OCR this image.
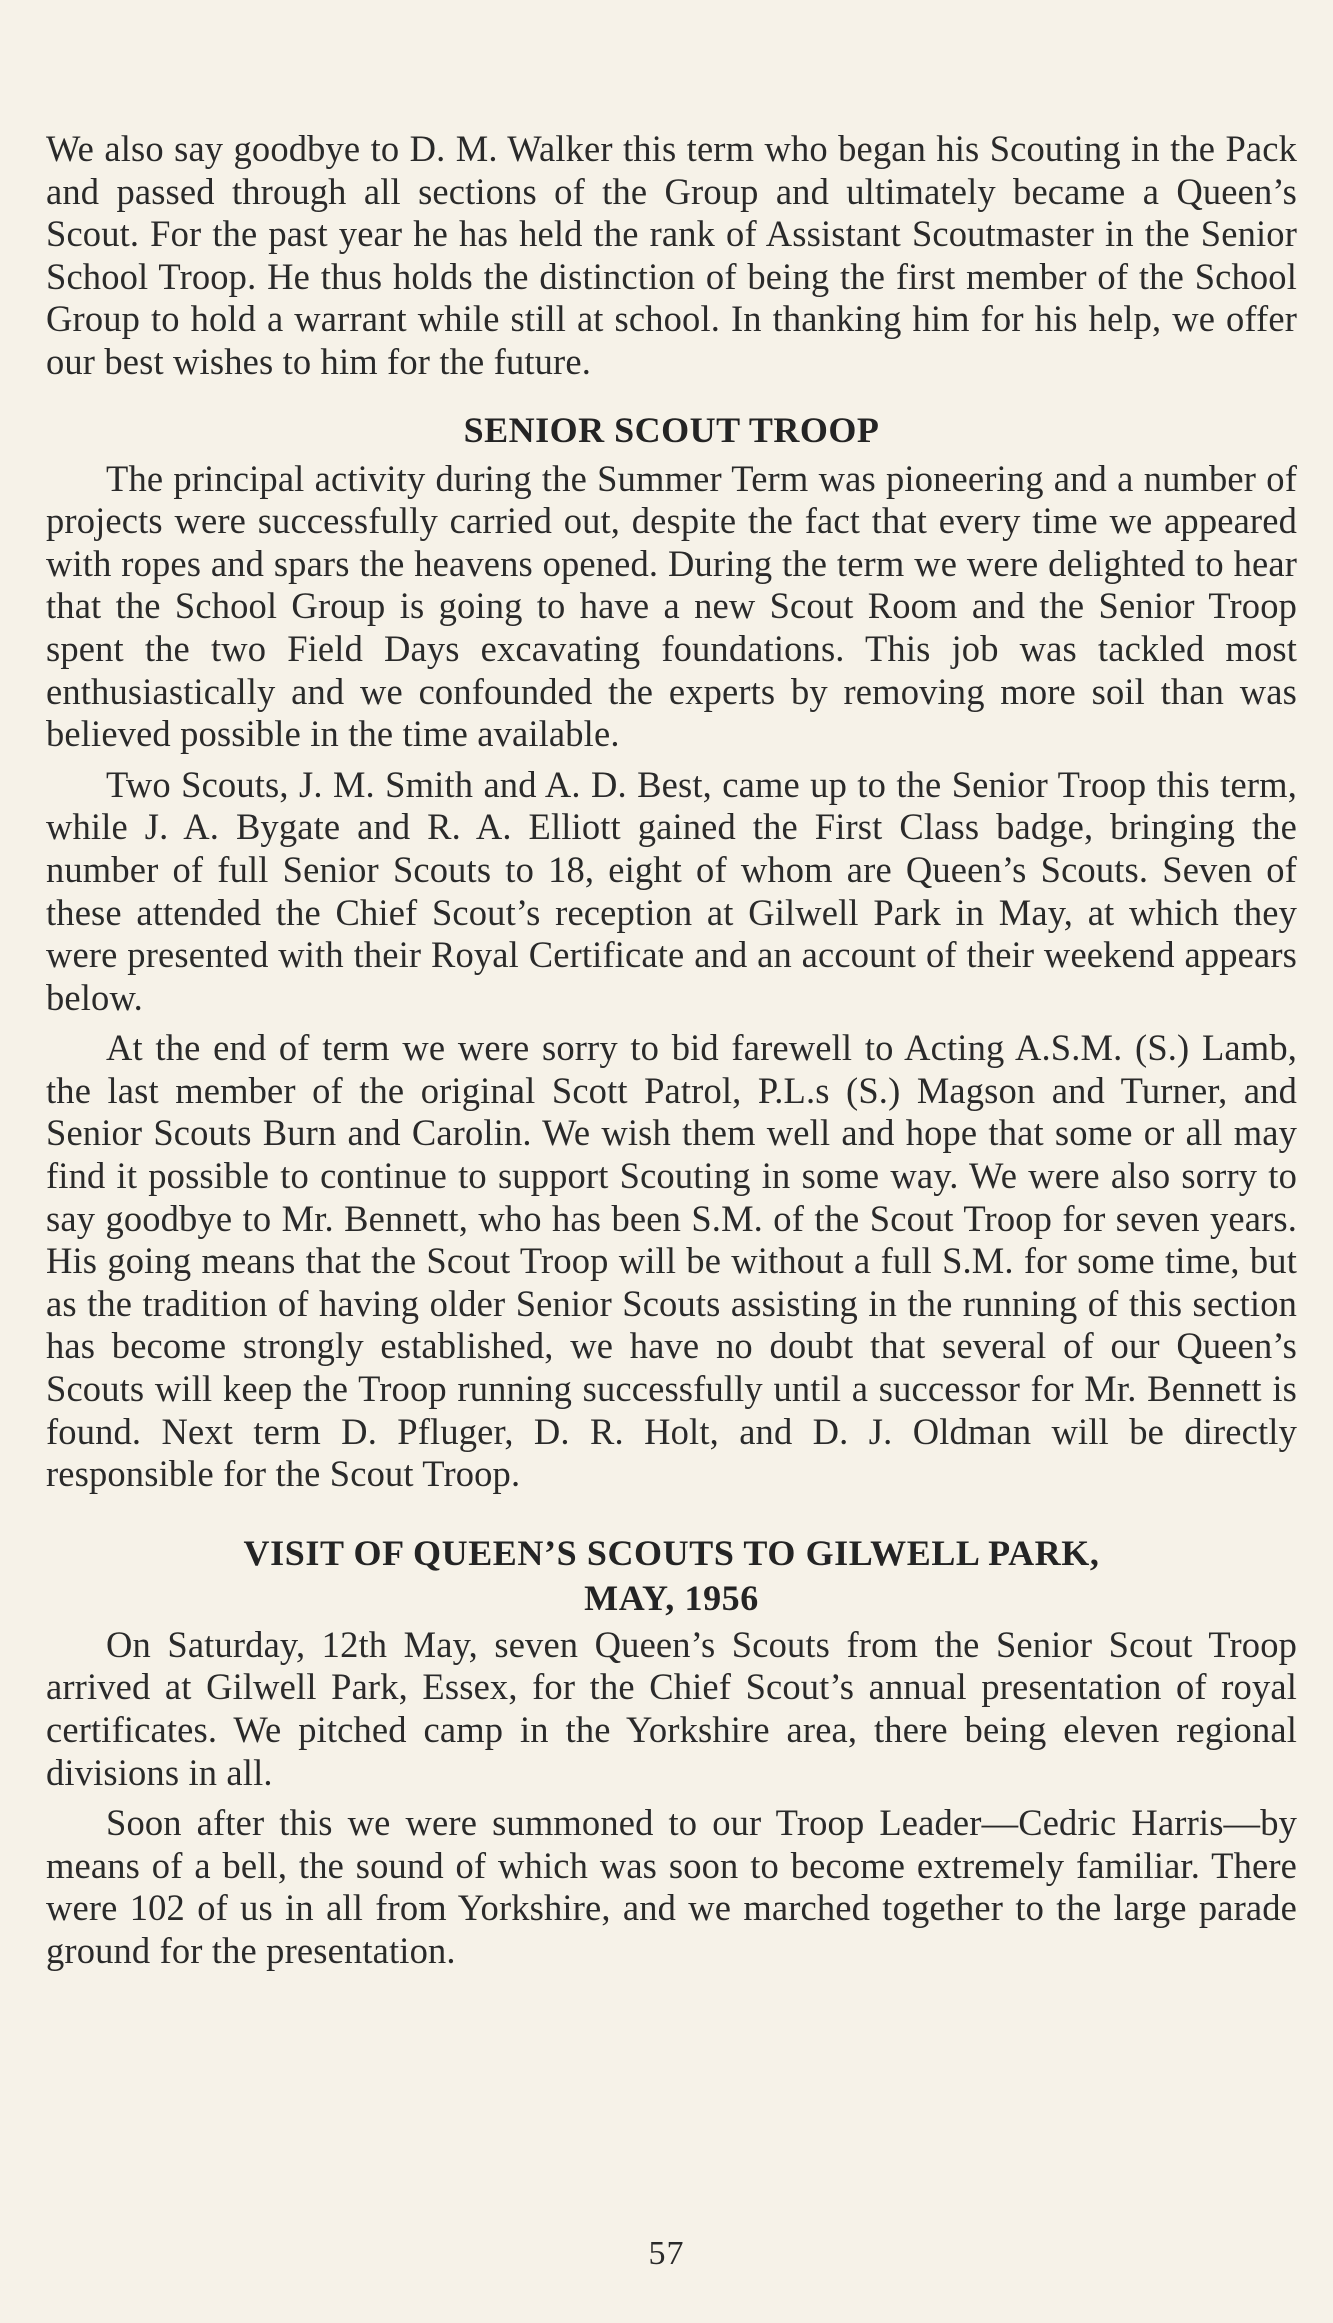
We also say goodbye to D. M. Walker this term who began his Scouting in the Pack and passed through all sections of the Group and ultimately became a Queen’s Scout. For the past year he has held the rank of Assistant Scoutmaster in the Senior School Troop. He thus holds the distinction of being the first member of the School Group to hold a warrant while still at school. In thanking him for his help, we offer our best wishes to him for the future.

SENIOR SCOUT TROOP

The principal activity during the Summer Term was pioneering and a number of projects were successfully carried out, despite the fact that every time we appeared with ropes and spars the heavens opened. During the term we were delighted to hear that the School Group is going to have a new Scout Room and the Senior Troop spent the two Field Days excavating foundations. This job was tackled most enthusiastically and we confounded the experts by removing more soil than was believed possible in the time available.

Two Scouts, J. M. Smith and A. D. Best, came up to the Senior Troop this term, while J. A. Bygate and R. A. Elliott gained the First Class badge, bringing the number of full Senior Scouts to 18, eight of whom are Queen’s Scouts. Seven of these attended the Chief Scout’s reception at Gilwell Park in May, at which they were presented with their Royal Certificate and an account of their weekend appears below.

At the end of term we were sorry to bid farewell to Acting A.S.M. (S.) Lamb, the last member of the original Scott Patrol, P.L.s (S.) Magson and Turner, and Senior Scouts Burn and Carolin. We wish them well and hope that some or all may find it possible to continue to support Scouting in some way. We were also sorry to say goodbye to Mr. Bennett, who has been S.M. of the Scout Troop for seven years. His going means that the Scout Troop will be without a full S.M. for some time, but as the tradition of having older Senior Scouts assisting in the running of this section has become strongly established, we have no doubt that several of our Queen’s Scouts will keep the Troop running successfully until a successor for Mr. Bennett is found. Next term D. Pfluger, D. R. Holt, and D. J. Oldman will be directly responsible for the Scout Troop.

VISIT OF QUEEN’S SCOUTS TO GILWELL PARK,
MAY, 1956

On Saturday, 12th May, seven Queen’s Scouts from the Senior Scout Troop arrived at Gilwell Park, Essex, for the Chief Scout’s annual presentation of royal certificates. We pitched camp in the Yorkshire area, there being eleven regional divisions in all.

Soon after this we were summoned to our Troop Leader—Cedric Harris—by means of a bell, the sound of which was soon to become extremely familiar. There were 102 of us in all from Yorkshire, and we marched together to the large parade ground for the presentation.

57
